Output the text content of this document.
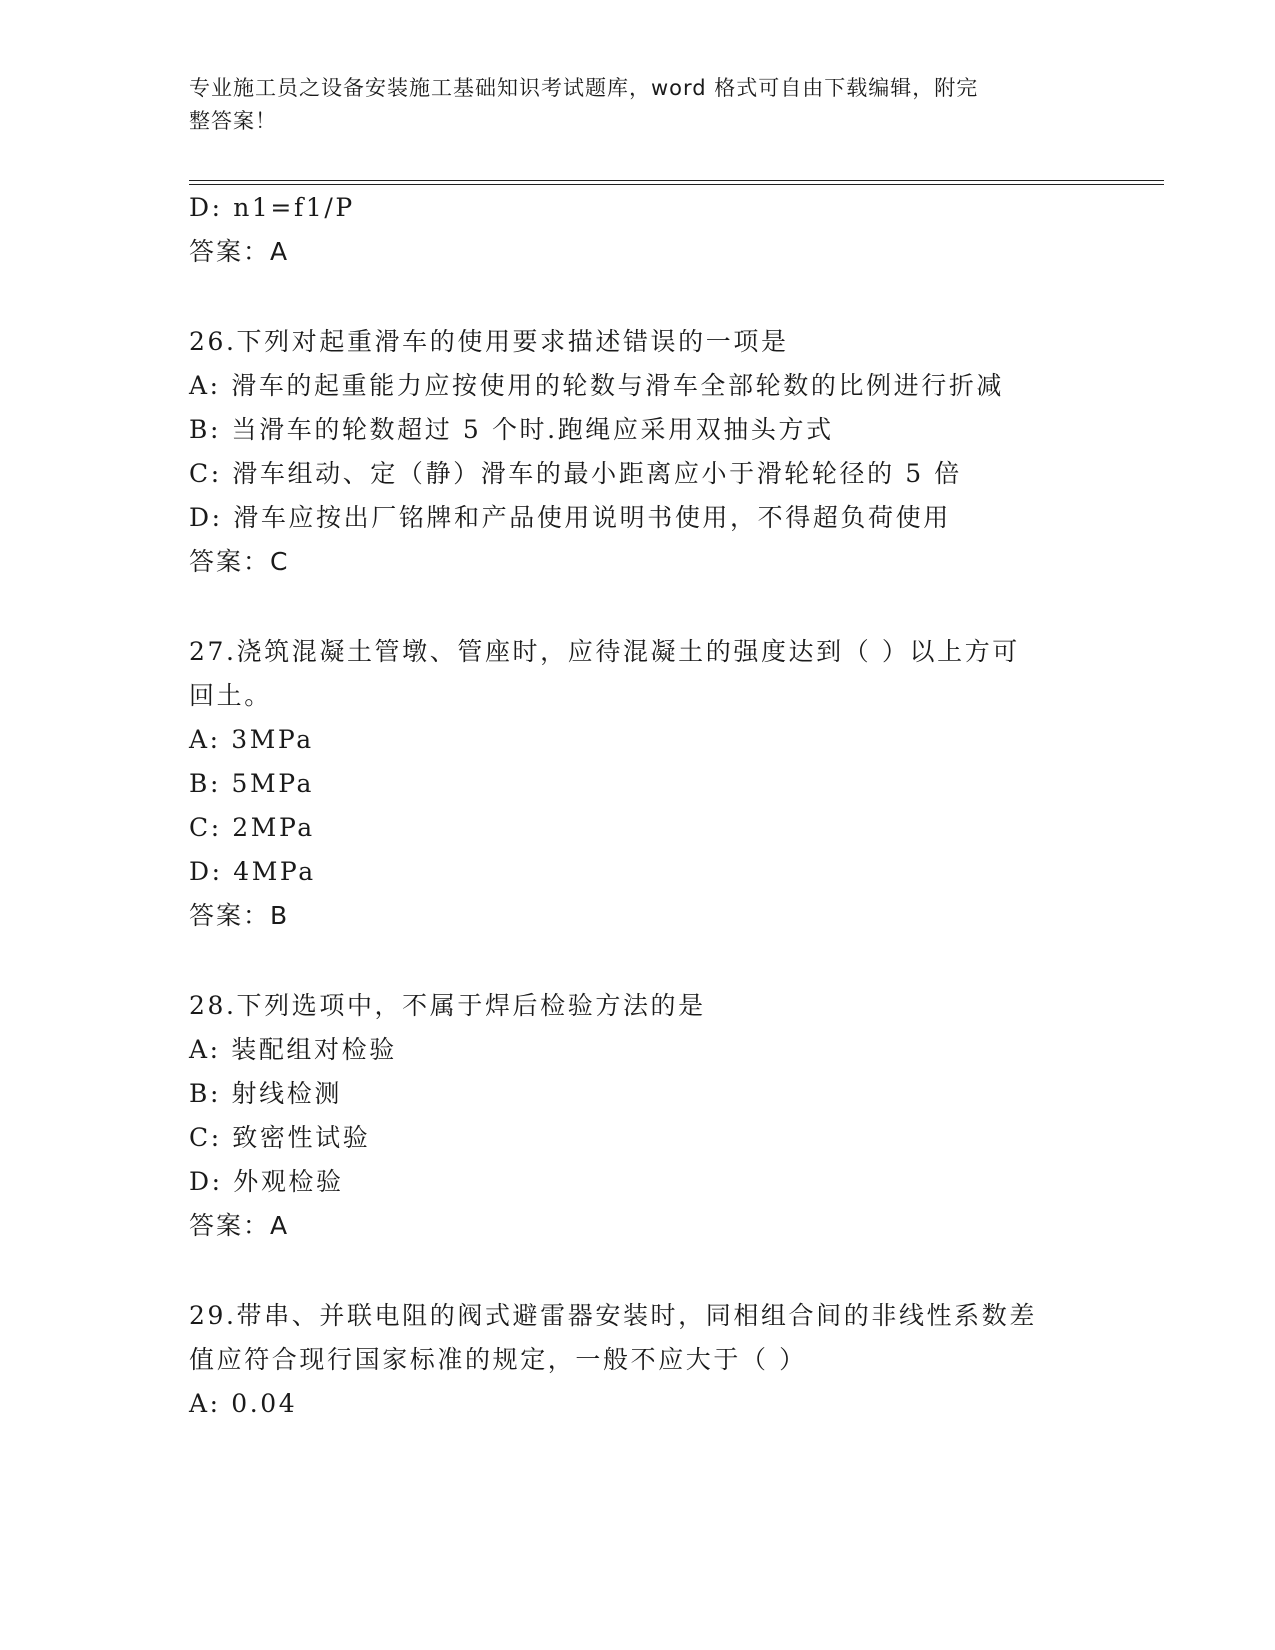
专业施工员之设备安装施工基础知识考试题库，word 格式可自由下载编辑，附完
整答案！
D: n1=f1/P
答案：A
26.下列对起重滑车的使用要求描述错误的一项是
A: 滑车的起重能力应按使用的轮数与滑车全部轮数的比例进行折减
B: 当滑车的轮数超过 5 个时.跑绳应采用双抽头方式
C: 滑车组动、定（静）滑车的最小距离应小于滑轮轮径的 5 倍
D: 滑车应按出厂铭牌和产品使用说明书使用，不得超负荷使用
答案：C
27.浇筑混凝土管墩、管座时，应待混凝土的强度达到（ ）以上方可
回土。
A: 3MPa
B: 5MPa
C: 2MPa
D: 4MPa
答案：B
28.下列选项中，不属于焊后检验方法的是
A: 装配组对检验
B: 射线检测
C: 致密性试验
D: 外观检验
答案：A
29.带串、并联电阻的阀式避雷器安装时，同相组合间的非线性系数差
值应符合现行国家标准的规定，一般不应大于（ ）
A: 0.04
